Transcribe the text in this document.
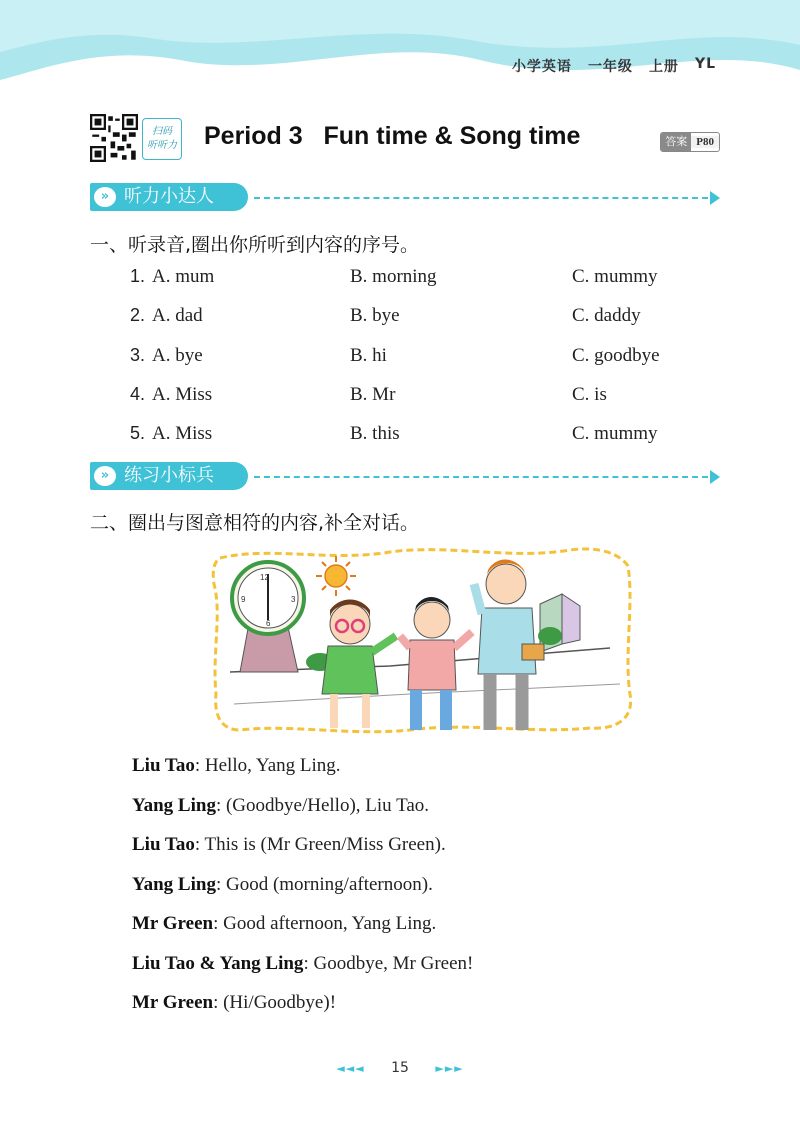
小学英语 一年级 上册 YL
扫码
听听力 Period 3   Fun time & Song time	答案 P80
» 听力小达人
一、听录音,圈出你所听到内容的序号。
1. A. mum	B. morning	C. mummy
2. A. dad	B. bye	C. daddy
3. A. bye	B. hi	C. goodbye
4. A. Miss	B. Mr	C. is
5. A. Miss	B. this	C. mummy
» 练习小标兵
二、圈出与图意相符的内容,补全对话。
12
3
9
6
Liu Tao: Hello, Yang Ling.
Yang Ling: (Goodbye/Hello), Liu Tao.
Liu Tao: This is (Mr Green/Miss Green).
Yang Ling: Good (morning/afternoon).
Mr Green: Good afternoon, Yang Ling.
Liu Tao & Yang Ling: Goodbye, Mr Green!
Mr Green: (Hi/Goodbye)!
◄◄◄ 15 ►►►
